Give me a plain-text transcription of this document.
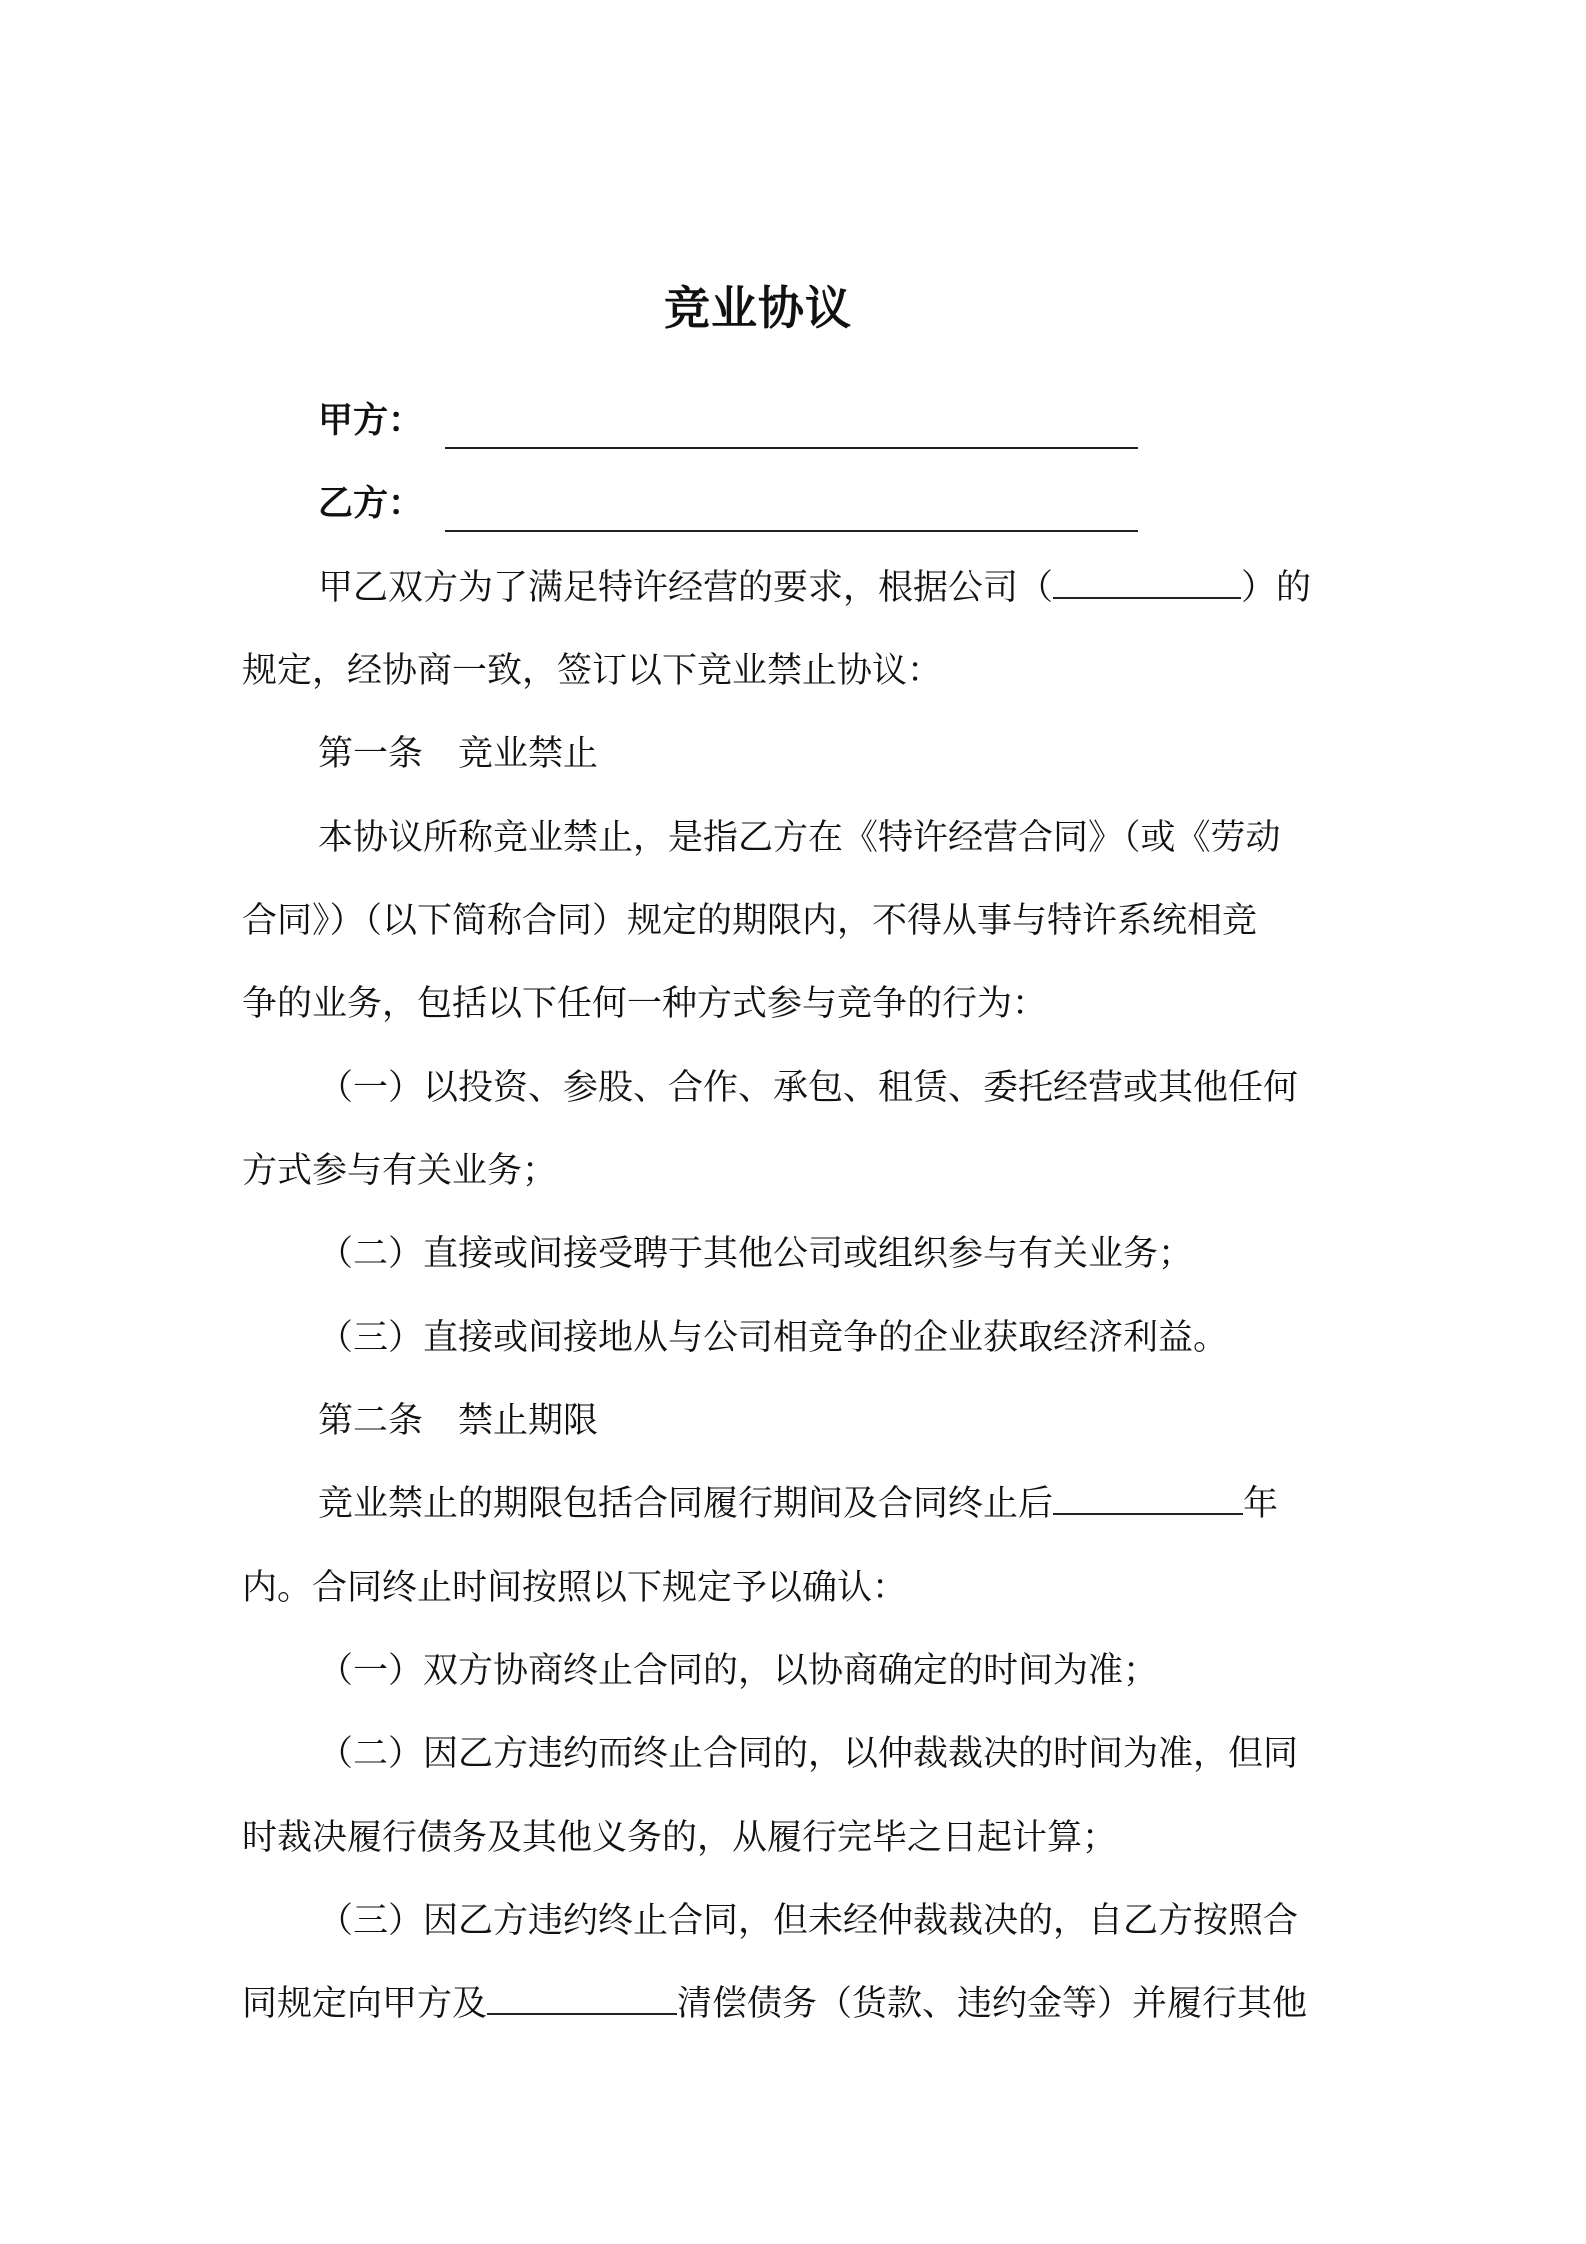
竞业协议
甲方：
乙方：
甲乙双方为了满足特许经营的要求，根据公司（	）的
规定，经协商一致，签订以下竞业禁止协议：
第一条　竞业禁止
本协议所称竞业禁止，是指乙方在《特许经营合同》（或《劳动
合同》）（以下简称合同）规定的期限内，不得从事与特许系统相竞
争的业务，包括以下任何一种方式参与竞争的行为：
（一）以投资、参股、合作、承包、租赁、委托经营或其他任何
方式参与有关业务；
（二）直接或间接受聘于其他公司或组织参与有关业务；
（三）直接或间接地从与公司相竞争的企业获取经济利益。
第二条　禁止期限
竞业禁止的期限包括合同履行期间及合同终止后	年
内。合同终止时间按照以下规定予以确认：
（一）双方协商终止合同的，以协商确定的时间为准；
（二）因乙方违约而终止合同的，以仲裁裁决的时间为准，但同
时裁决履行债务及其他义务的，从履行完毕之日起计算；
（三）因乙方违约终止合同，但未经仲裁裁决的，自乙方按照合
同规定向甲方及	清偿债务（货款、违约金等）并履行其他
